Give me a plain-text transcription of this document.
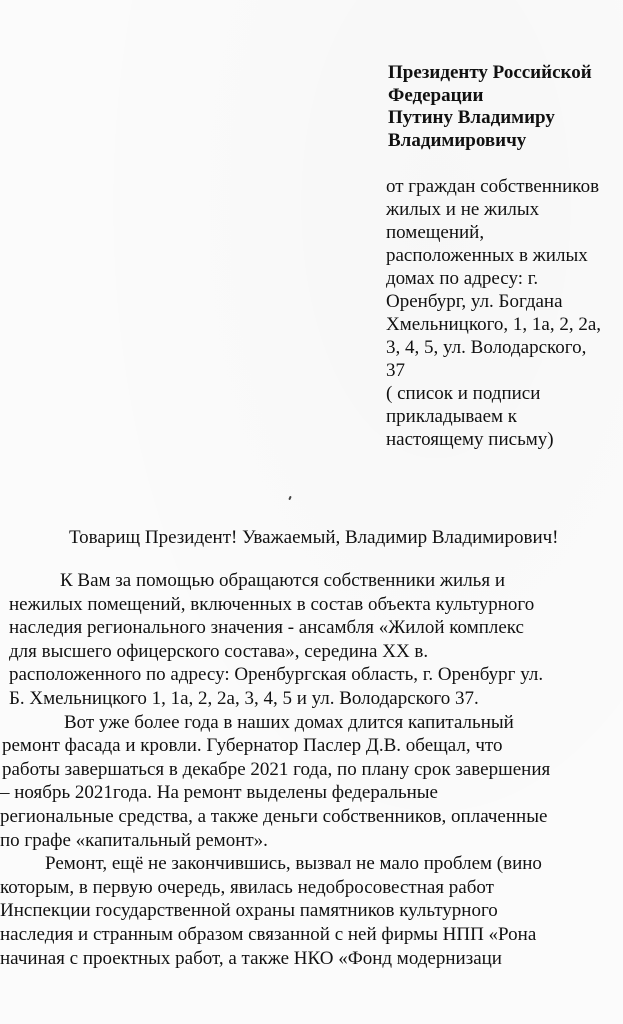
Президенту Российской
Федерации
Путину Владимиру
Владимировичу
от граждан собственников
жилых и не жилых
помещений,
расположенных в жилых
домах по адресу: г.
Оренбург, ул. Богдана
Хмельницкого, 1, 1а, 2, 2а,
3, 4, 5, ул. Володарского,
37
( список и подписи
прикладываем к
настоящему письму)
Товарищ Президент! Уважаемый, Владимир Владимирович!
К Вам за помощью обращаются собственники жилья и
нежилых помещений, включенных в состав объекта культурного
наследия регионального значения - ансамбля «Жилой комплекс
для высшего офицерского состава», середина XX в.
расположенного по адресу: Оренбургская область, г. Оренбург ул.
Б. Хмельницкого 1, 1а, 2, 2а, 3, 4, 5 и ул. Володарского 37.
Вот уже более года в наших домах длится капитальный
ремонт фасада и кровли. Губернатор Паслер Д.В. обещал, что
работы завершаться в декабре 2021 года, по плану срок завершения
– ноябрь 2021года. На ремонт выделены федеральные
региональные средства, а также деньги собственников, оплаченные
по графе «капитальный ремонт».
Ремонт, ещё не закончившись, вызвал не мало проблем (вино
которым, в первую очередь, явилась недобросовестная работ
Инспекции государственной охраны памятников культурного
наследия и странным образом связанной с ней фирмы НПП «Рона
начиная с проектных работ, а также НКО «Фонд модернизаци
